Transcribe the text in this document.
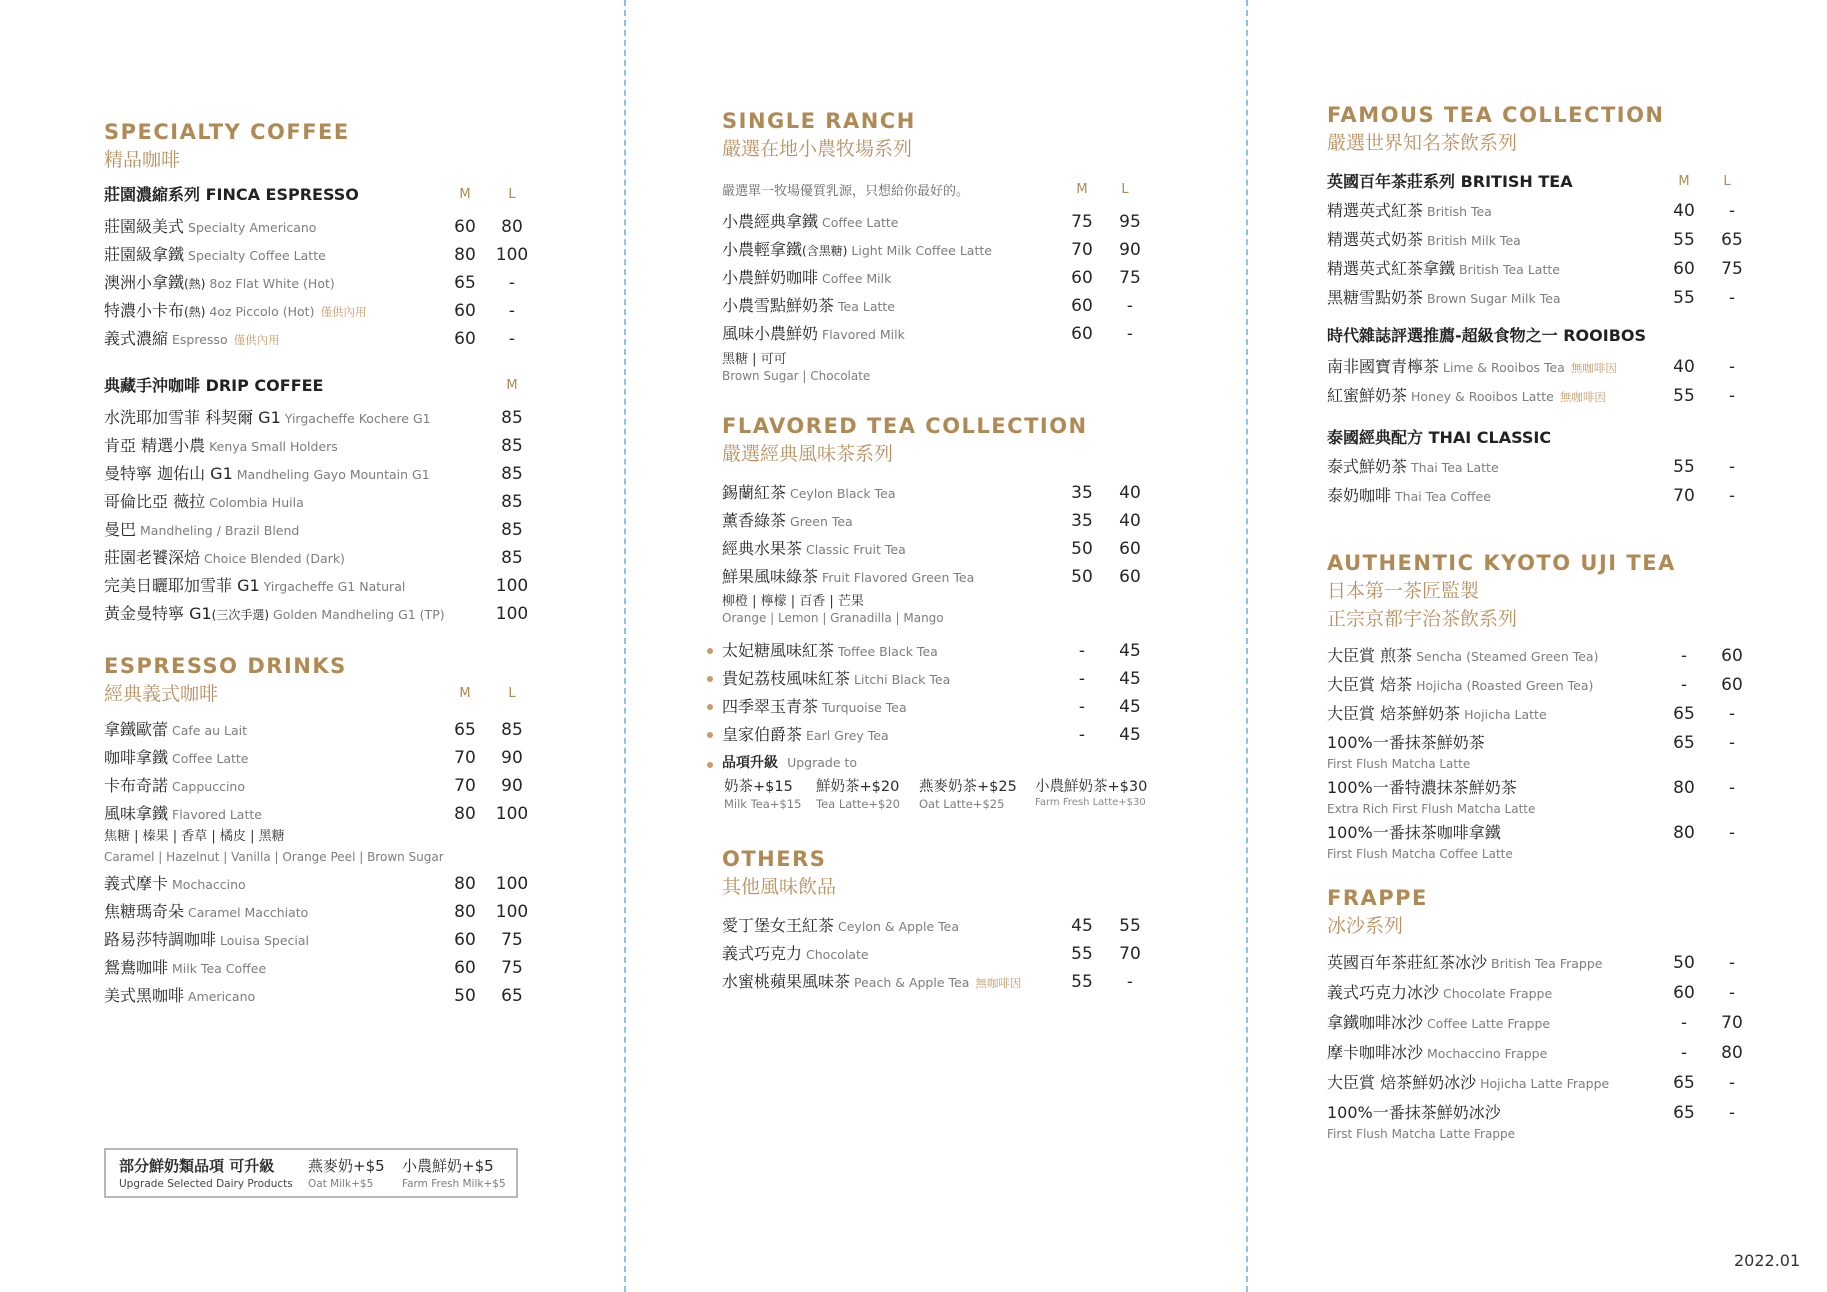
SPECIALTY COFFEE
精品咖啡
莊園濃縮系列 FINCA ESPRESSO	M	L
莊園級美式 Specialty Americano	60	80
莊園級拿鐵 Specialty Coffee Latte	80 100
澳洲小拿鐵(熱) 8oz Flat White (Hot)	65	-
特濃小卡布(熱) 4oz Piccolo (Hot) 僅供內用	60	-
義式濃縮 Espresso 僅供內用	60	-
典藏手沖咖啡 DRIP COFFEE	M
水洗耶加雪菲 科契爾 G1 Yirgacheffe Kochere G1	85
肯亞 精選小農 Kenya Small Holders	85
曼特寧 迦佑山 G1 Mandheling Gayo Mountain G1	85
哥倫比亞 薇拉 Colombia Huila	85
曼巴 Mandheling / Brazil Blend	85
莊園老饕深焙 Choice Blended (Dark)	85
完美日曬耶加雪菲 G1 Yirgacheffe G1 Natural	100
黃金曼特寧 G1(三次手選) Golden Mandheling G1 (TP)	100
ESPRESSO DRINKS
經典義式咖啡	M	L
拿鐵歐蕾 Cafe au Lait	65	85
咖啡拿鐵 Coffee Latte	70	90
卡布奇諾 Cappuccino	70	90
風味拿鐵 Flavored Latte	80 100
焦糖 | 榛果 | 香草 | 橘皮 | 黑糖
Caramel | Hazelnut | Vanilla | Orange Peel | Brown Sugar
義式摩卡 Mochaccino	80 100
焦糖瑪奇朵 Caramel Macchiato	80 100
路易莎特調咖啡 Louisa Special	60	75
鴛鴦咖啡 Milk Tea Coffee	60	75
美式黑咖啡 Americano	50	65
部分鮮奶類品項 可升級
Upgrade Selected Dairy Products
燕麥奶+$5
Oat Milk+$5
小農鮮奶+$5
Farm Fresh Milk+$5
SINGLE RANCH
嚴選在地小農牧場系列
嚴選單一牧場優質乳源，只想給你最好的。	M	L
小農經典拿鐵 Coffee Latte	75	95
小農輕拿鐵(含黑糖) Light Milk Coffee Latte	70	90
小農鮮奶咖啡 Coffee Milk	60	75
小農雪點鮮奶茶 Tea Latte	60	-
風味小農鮮奶 Flavored Milk	60	-
黑糖 | 可可
Brown Sugar | Chocolate
FLAVORED TEA COLLECTION
嚴選經典風味茶系列
錫蘭紅茶 Ceylon Black Tea	35	40
薰香綠茶 Green Tea	35	40
經典水果茶 Classic Fruit Tea	50	60
鮮果風味綠茶 Fruit Flavored Green Tea	50	60
柳橙 | 檸檬 | 百香 | 芒果
Orange | Lemon | Granadilla | Mango
太妃糖風味紅茶 Toffee Black Tea	-	45
貴妃荔枝風味紅茶 Litchi Black Tea	-	45
四季翠玉青茶 Turquoise Tea	-	45
皇家伯爵茶 Earl Grey Tea	-	45
品項升級 Upgrade to
奶茶+$15
Milk Tea+$15
鮮奶茶+$20
Tea Latte+$20
燕麥奶茶+$25
Oat Latte+$25
小農鮮奶茶+$30
Farm Fresh Latte+$30
OTHERS
其他風味飲品
愛丁堡女王紅茶 Ceylon & Apple Tea	45	55
義式巧克力 Chocolate	55	70
水蜜桃蘋果風味茶 Peach & Apple Tea 無咖啡因	55	-
FAMOUS TEA COLLECTION
嚴選世界知名茶飲系列
英國百年茶莊系列 BRITISH TEA	M	L
精選英式紅茶 British Tea	40	-
精選英式奶茶 British Milk Tea	55	65
精選英式紅茶拿鐵 British Tea Latte	60	75
黑糖雪點奶茶 Brown Sugar Milk Tea	55	-
時代雜誌評選推薦-超級食物之一 ROOIBOS
南非國寶青檸茶 Lime & Rooibos Tea 無咖啡因	40	-
紅蜜鮮奶茶 Honey & Rooibos Latte 無咖啡因	55	-
泰國經典配方 THAI CLASSIC
泰式鮮奶茶 Thai Tea Latte	55	-
泰奶咖啡 Thai Tea Coffee	70	-
AUTHENTIC KYOTO UJI TEA
日本第一茶匠監製
正宗京都宇治茶飲系列
大臣賞 煎茶 Sencha (Steamed Green Tea)	-	60
大臣賞 焙茶 Hojicha (Roasted Green Tea)	-	60
大臣賞 焙茶鮮奶茶 Hojicha Latte	65	-
100%一番抹茶鮮奶茶
First Flush Matcha Latte
65	-
100%一番特濃抹茶鮮奶茶
Extra Rich First Flush Matcha Latte
80	-
100%一番抹茶咖啡拿鐵
First Flush Matcha Coffee Latte
80	-
FRAPPE
冰沙系列
英國百年茶莊紅茶冰沙 British Tea Frappe	50	-
義式巧克力冰沙 Chocolate Frappe	60	-
拿鐵咖啡冰沙 Coffee Latte Frappe	-	70
摩卡咖啡冰沙 Mochaccino Frappe	-	80
大臣賞 焙茶鮮奶冰沙 Hojicha Latte Frappe	65	-
100%一番抹茶鮮奶冰沙
First Flush Matcha Latte Frappe
65	-
2022.01
